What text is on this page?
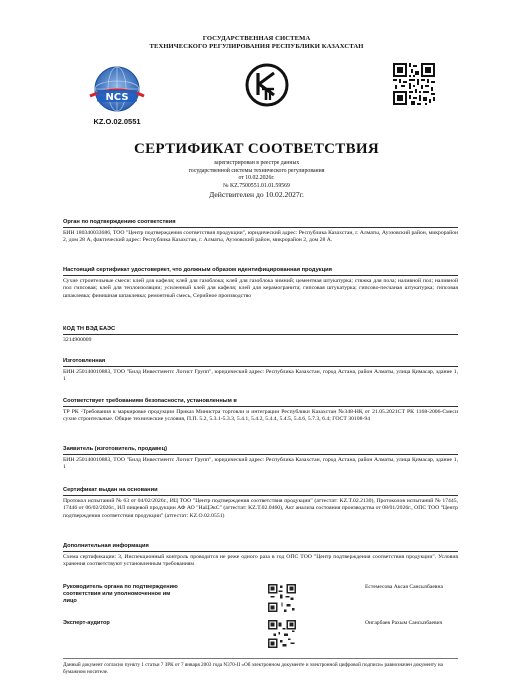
ГОСУДАРСТВЕННАЯ СИСТЕМА
ТЕХНИЧЕСКОГО РЕГУЛИРОВАНИЯ РЕСПУБЛИКИ КАЗАХСТАН
NCS
KZ.O.02.0551
СЕРТИФИКАТ СООТВЕТСТВИЯ
зарегистрирован в реестре данных
государственной системы технического регулирования
от 10.02.2026г.
№ KZ.7500551.01.01.59569
Действителен до 10.02.2027г.
Орган по подтверждению соответствия
БИН 180340033686, ТОО "Центр подтверждения соответствия продукции", юридический адрес: Республика Казахстан, г. Алматы, Ауэзовский район, микрорайон 2, дом 28 А, фактический адрес: Республика Казахстан, г. Алматы, Ауэзовский район, микрорайон 2, дом 28 А.
Настоящий сертификат удостоверяет, что должным образом идентифицированная продукция
Сухие строительные смеси: клей для кафеля; клей для газоблока; клей для газоблока зимний; цементная штукатурка; стяжка для пола; наливной пол; наливной пол гипсовая; клей для теплоизоляции; усиленный клей для кафеля; клей для керамогранита; гипсовая штукатурка; гипсово-песчаная штукатурка; гипсовая шпаклевка; финишная шпаклевка; ремонтный смесь, Серийное производство
КОД ТН ВЭД ЕАЭС
3214900009
Изготовленная
БИН 250140010883, ТОО "Билд Инвестментс Логист Групп", юридический адрес: Республика Казахстан, город Астана, район Алматы, улица Қимасар, здание 1, 1
Соответствует требованиям безопасности, установленным в
ТР РК -Требования к маркировке продукции Приказ Министра торговли и интеграции Республики Казахстан №348-НҚ от 21.05.2021СТ РК 1168-2006-Смеси сухие строительные. Общие технические условия, П.П. 5.2, 5.3.1-5.3.3, 5.4.1, 5.4.2, 5.4.4, 5.4.5, 5.4.6, 5.7.3, 6.4; ГОСТ 30108-94
Заявитель (изготовитель, продавец)
БИН 250140010883, ТОО "Билд Инвестментс Логист Групп", юридический адрес: Республика Казахстан, город Астана, район Алматы, улица Қимасар, здание 1, 1
Сертификат выдан на основании
Протокол испытаний № 63 от 04/02/2026г., ИЦ ТОО "Центр подтверждения соответствия продукции" (аттестат: KZ.T.02.2130), Протоколов испытаний № 17445, 17446 от 06/02/2026г., ИЛ пищевой продукции АФ АО "НаЦЭкС" (аттестат: KZ.T.02.0460), Акт анализа состояния производства от 08/01/2026г., ОПС ТОО "Центр подтверждения соответствия продукции" (аттестат: KZ.O.02.0551)
Дополнительная информация
Схема сертификации: 3, Инспекционный контроль проводится не реже одного раза в год ОПС ТОО "Центр подтверждения соответствия продукции". Условия хранения соответствуют установленным требованиям
Руководитель органа по подтверждению соответствия или уполномоченное им лицо
Естемесова Аксая Сансызбаевна
Эксперт-аудитор	Онгарбаев Рахым Сансызбаевич
Данный документ согласно пункту 1 статьи 7 ЗРК от 7 января 2003 года N370-II «Об электронном документе и электронной цифровой подписи» равнозначен документу на бумажном носителе.
